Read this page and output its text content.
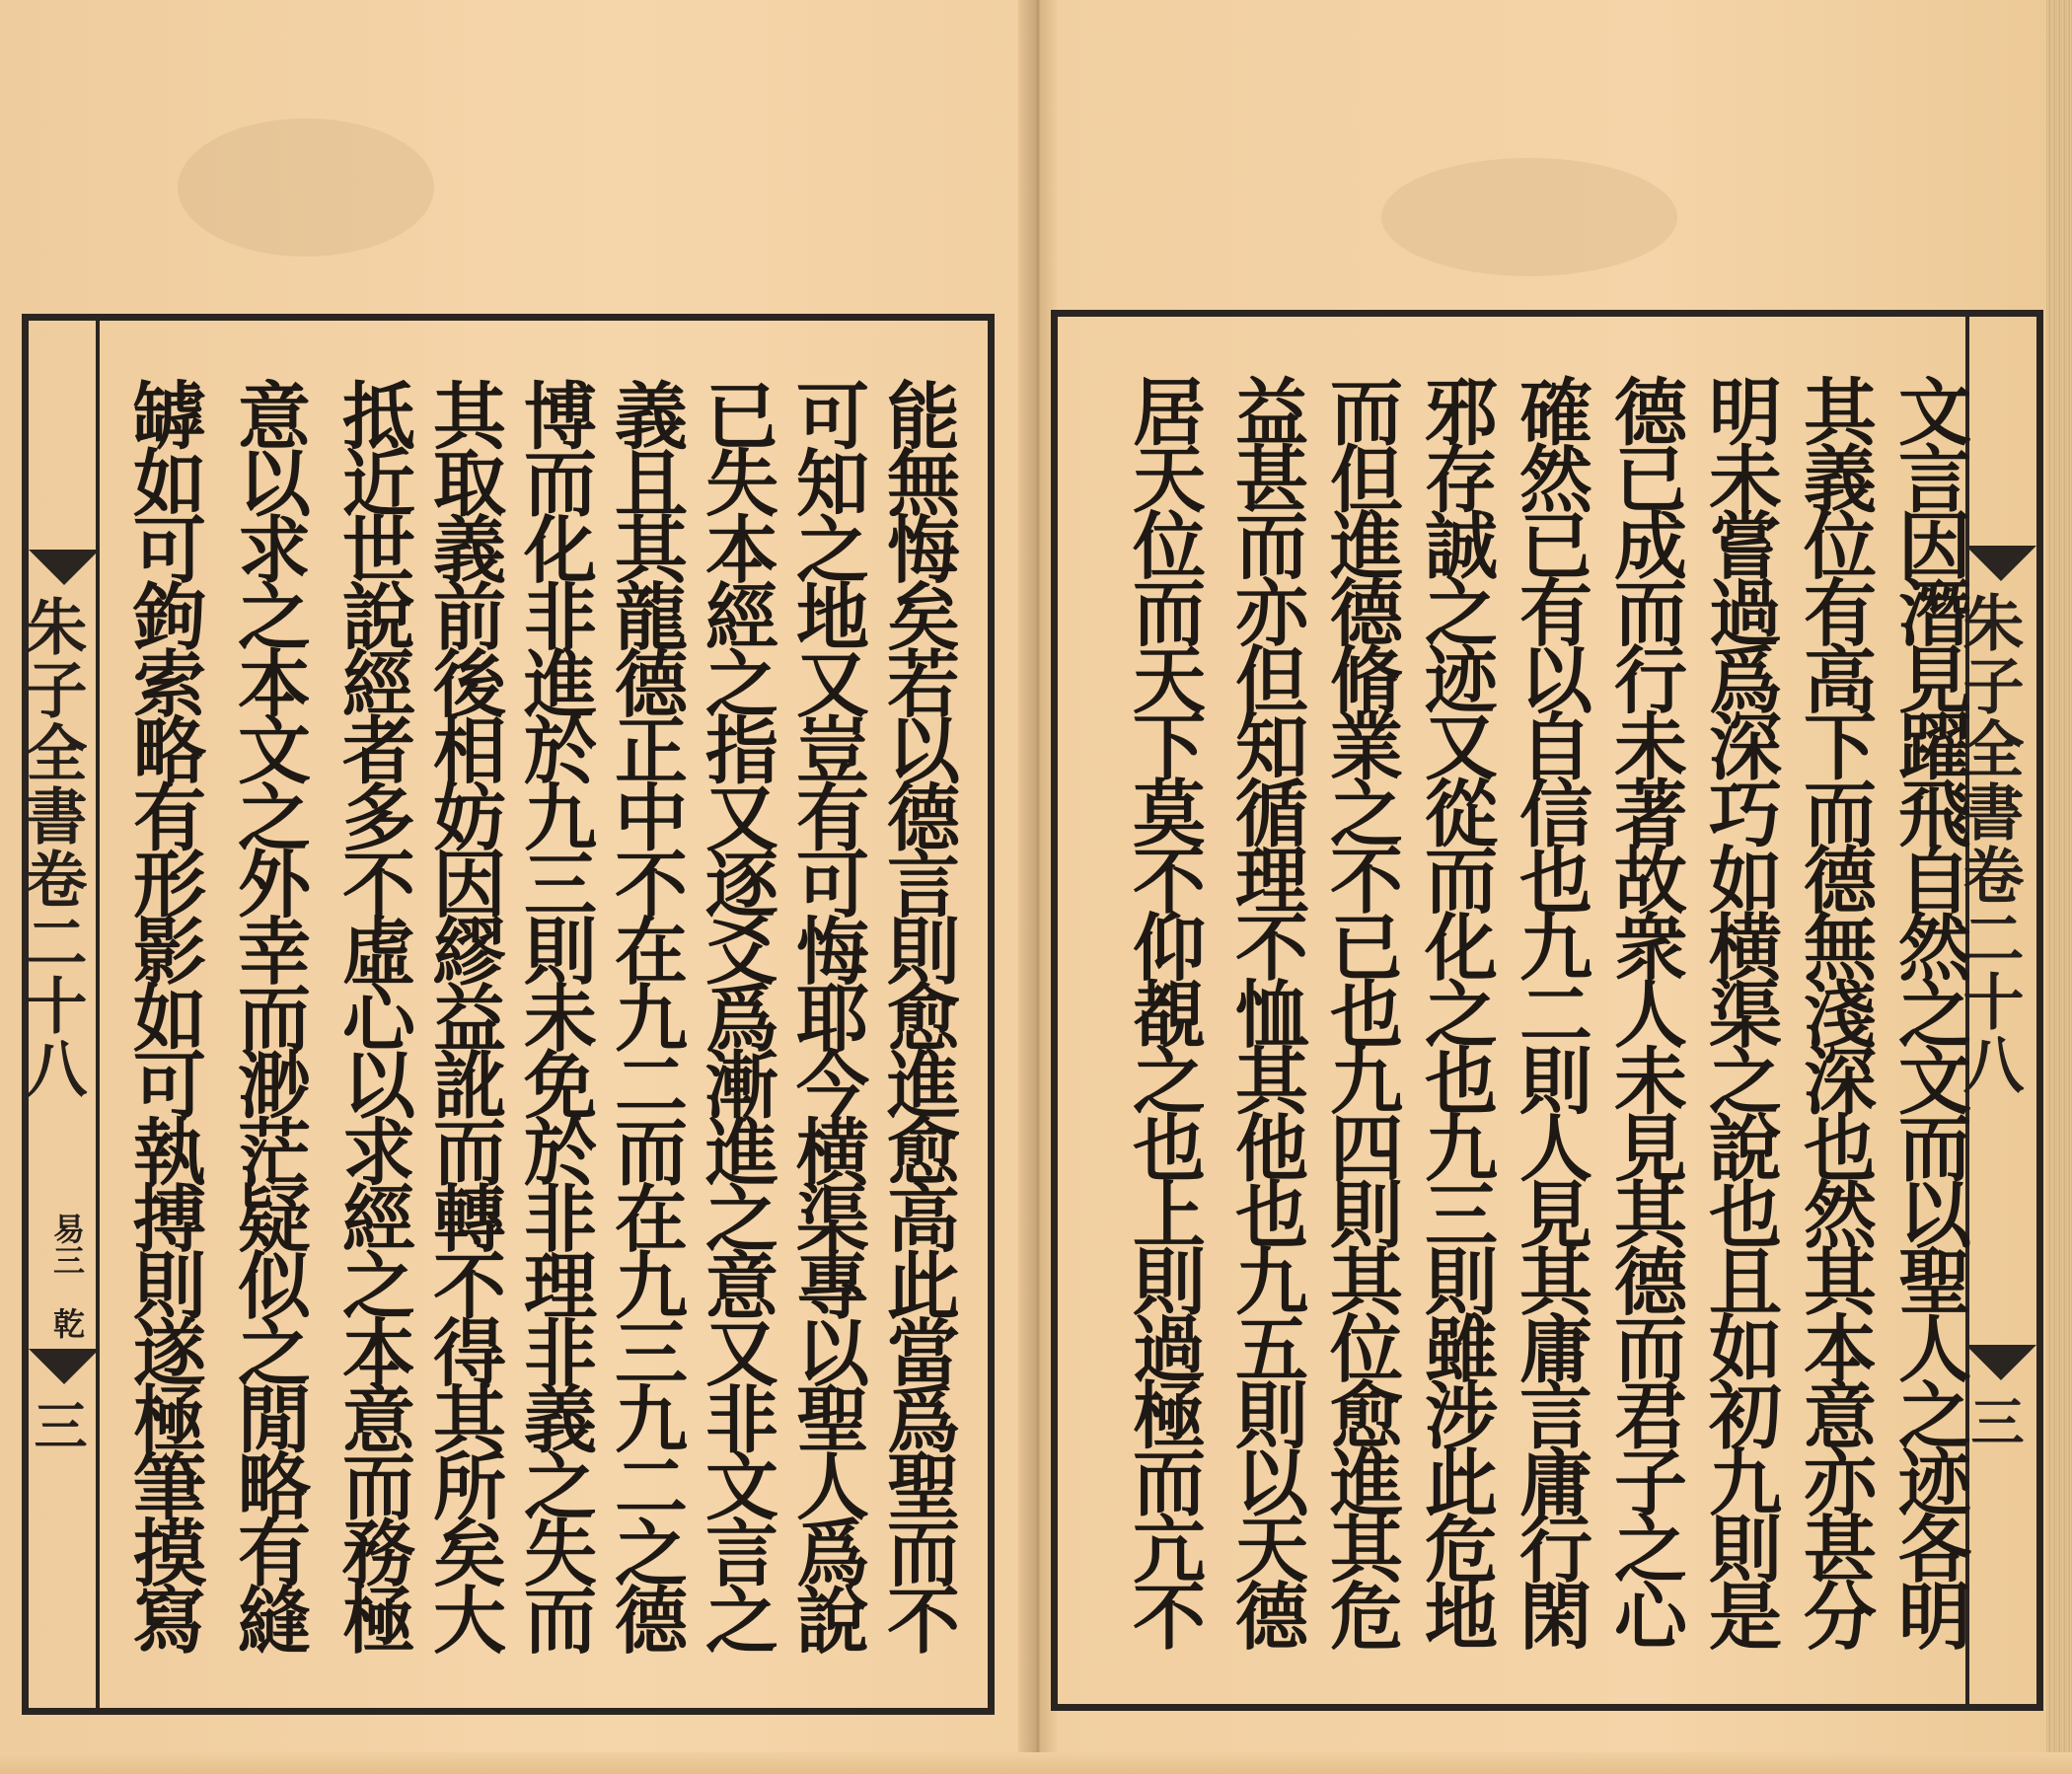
朱子全書卷二十八
易三　乾
三	能無悔矣若以德言則愈進愈高此當爲聖而不
可知之地又豈有可悔耶今横渠專以聖人爲說
已失本經之指又逐爻爲漸進之意又非文言之
義且其龍德正中不在九二而在九三九二之德
博而化非進於九三則未免於非理非義之失而
其取義前後相妨因繆益訛而轉不得其所矣大
抵近世說經者多不虛心以求經之本意而務極
意以求之本文之外幸而渺茫疑似之閒略有縫
罅如可鉤索略有形影如可執搏則遂極筆摸寫	朱子全書卷二十八
三
文言因潛見躍飛自然之文而以聖人之迹各明
其義位有高下而德無淺深也然其本意亦甚分
明未嘗過爲深巧如横渠之說也且如初九則是
德已成而行未著故衆人未見其德而君子之心
確然已有以自信也九二則人見其庸言庸行閑
邪存誠之迹又從而化之也九三則雖涉此危地
而但進德脩業之不已也九四則其位愈進其危
益甚而亦但知循理不恤其他也九五則以天德
居天位而天下莫不仰覩之也上則過極而亢不
